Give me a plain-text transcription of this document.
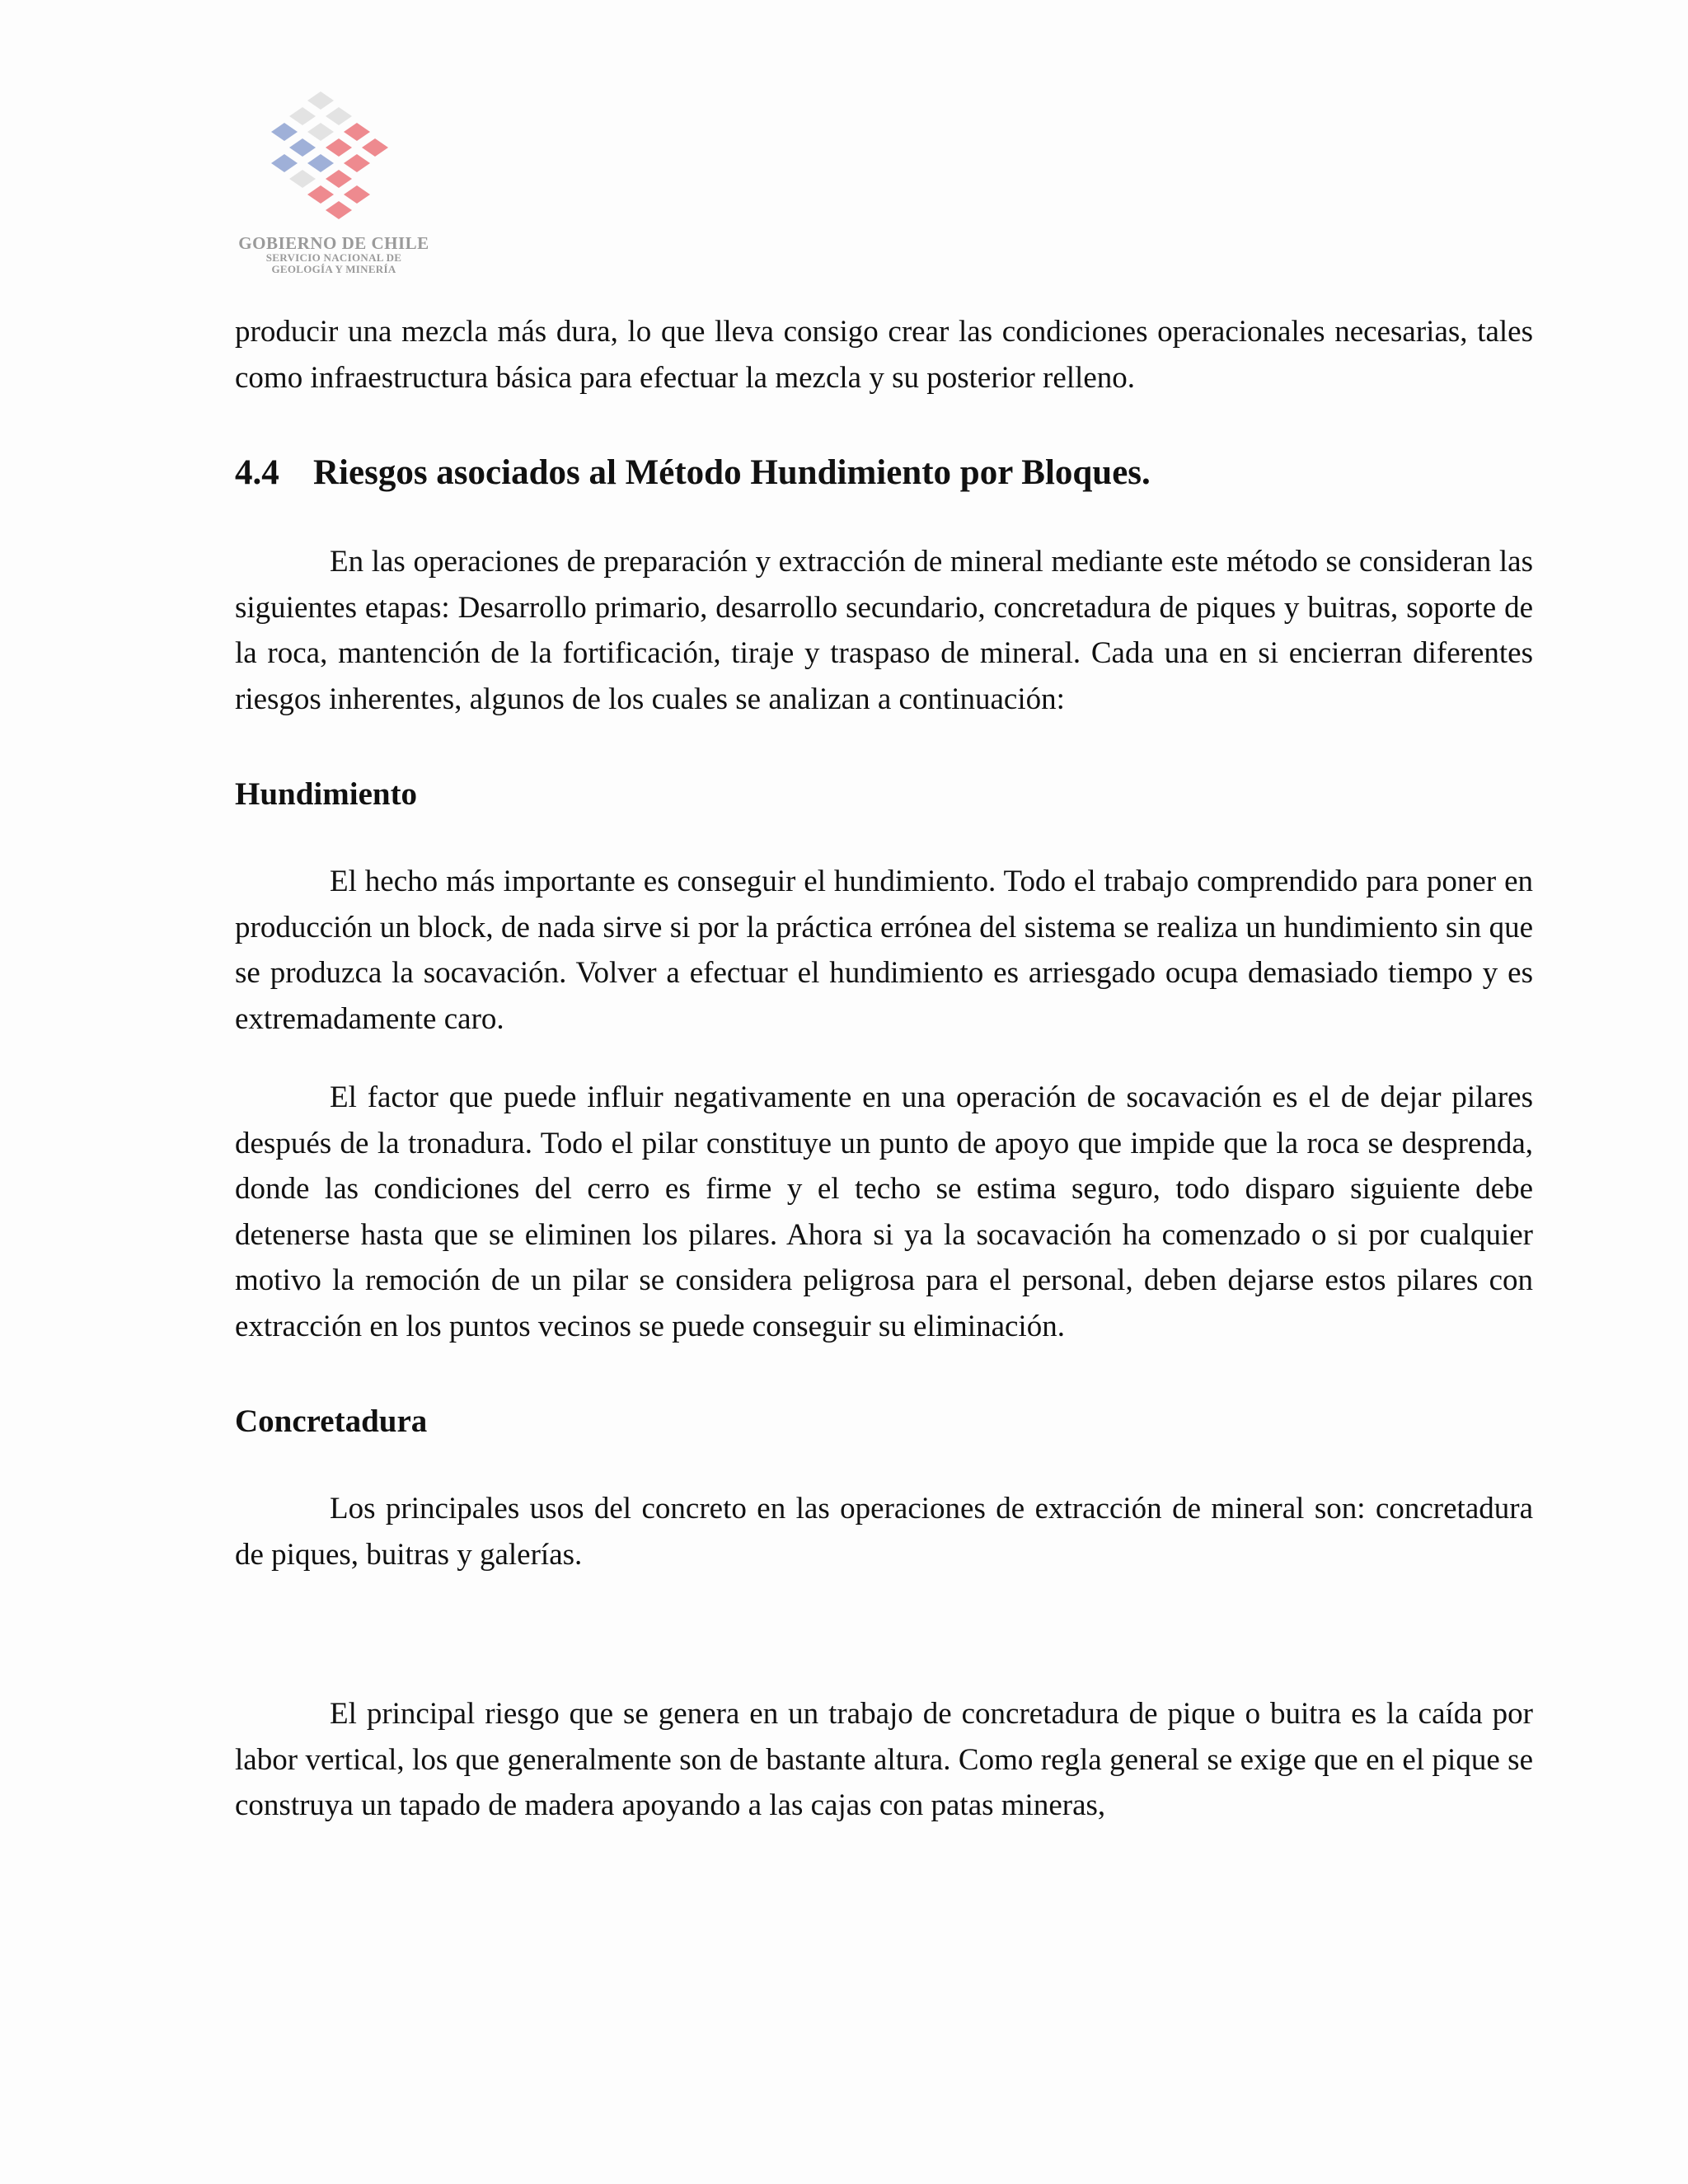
GOBIERNO DE CHILE
SERVICIO NACIONAL DE
GEOLOGÍA Y MINERÍA

producir una mezcla más dura, lo que lleva consigo crear las condiciones operacionales necesarias, tales como infraestructura básica para efectuar la mezcla y su posterior relleno.

4.4 Riesgos asociados al Método Hundimiento por Bloques.

En las operaciones de preparación y extracción de mineral mediante este método se consideran las siguientes etapas: Desarrollo primario, desarrollo secundario, concretadura de piques y buitras, soporte de la roca, mantención de la fortificación, tiraje y traspaso de mineral. Cada una en si encierran diferentes riesgos inherentes, algunos de los cuales se analizan a continuación:

Hundimiento

El hecho más importante es conseguir el hundimiento. Todo el trabajo comprendido para poner en producción un block, de nada sirve si por la práctica errónea del sistema se realiza un hundimiento sin que se produzca la socavación. Volver a efectuar el hundimiento es arriesgado ocupa demasiado tiempo y es extremadamente caro.

El factor que puede influir negativamente en una operación de socavación es el de dejar pilares después de la tronadura. Todo el pilar constituye un punto de apoyo que impide que la roca se desprenda, donde las condiciones del cerro es firme y el techo se estima seguro, todo disparo siguiente debe detenerse hasta que se eliminen los pilares. Ahora si ya la socavación ha comenzado o si por cualquier motivo la remoción de un pilar se considera peligrosa para el personal, deben dejarse estos pilares con extracción en los puntos vecinos se puede conseguir su eliminación.

Concretadura

Los principales usos del concreto en las operaciones de extracción de mineral son: concretadura de piques, buitras y galerías.

El principal riesgo que se genera en un trabajo de concretadura de pique o buitra es la caída por labor vertical, los que generalmente son de bastante altura. Como regla general se exige que en el pique se construya un tapado de madera apoyando a las cajas con patas mineras,
